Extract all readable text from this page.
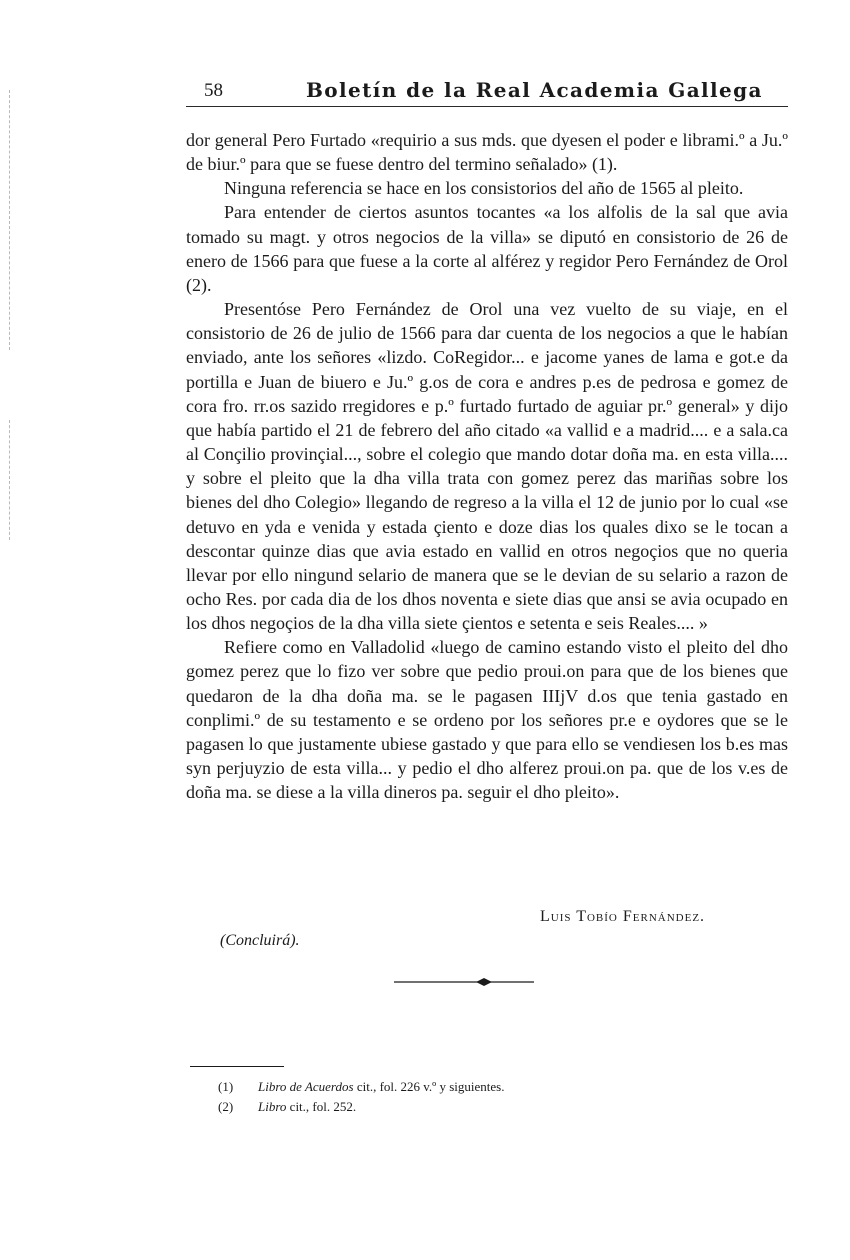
58	Boletín de la Real Academia Gallega

dor general Pero Furtado «requirio a sus mds. que dyesen el poder e librami.º a Ju.º de biur.º para que se fuese dentro del termino señalado» (1).

Ninguna referencia se hace en los consistorios del año de 1565 al pleito.

Para entender de ciertos asuntos tocantes «a los alfolis de la sal que avia tomado su magt. y otros negocios de la villa» se diputó en consistorio de 26 de enero de 1566 para que fuese a la corte al alférez y regidor Pero Fernández de Orol (2).

Presentóse Pero Fernández de Orol una vez vuelto de su viaje, en el consistorio de 26 de julio de 1566 para dar cuenta de los negocios a que le habían enviado, ante los señores «lizdo. CoRegidor... e jacome yanes de lama e got.e da portilla e Juan de biuero e Ju.º g.os de cora e andres p.es de pedrosa e gomez de cora fro. rr.os sazido rregidores e p.º furtado furtado de aguiar pr.º general» y dijo que había partido el 21 de febrero del año citado «a vallid e a madrid.... e a sala.ca al Conçilio provinçial..., sobre el colegio que mando dotar doña ma. en esta villa.... y sobre el pleito que la dha villa trata con gomez perez das mariñas sobre los bienes del dho Colegio» llegando de regreso a la villa el 12 de junio por lo cual «se detuvo en yda e venida y estada çiento e doze dias los quales dixo se le tocan a descontar quinze dias que avia estado en vallid en otros negoçios que no queria llevar por ello ningund selario de manera que se le devian de su selario a razon de ocho Res. por cada dia de los dhos noventa e siete dias que ansi se avia ocupado en los dhos negoçios de la dha villa siete çientos e setenta e seis Reales.... »

Refiere como en Valladolid «luego de camino estando visto el pleito del dho gomez perez que lo fizo ver sobre que pedio proui.on para que de los bienes que quedaron de la dha doña ma. se le pagasen IIIjV d.os que tenia gastado en conplimi.º de su testamento e se ordeno por los señores pr.e e oydores que se le pagasen lo que justamente ubiese gastado y que para ello se vendiesen los b.es mas syn perjuyzio de esta villa... y pedio el dho alferez proui.on pa. que de los v.es de doña ma. se diese a la villa dineros pa. seguir el dho pleito».

Luis Tobío Fernández.
(Concluirá).
(1) Libro de Acuerdos cit., fol. 226 v.º y siguientes.
(2) Libro cit., fol. 252.
